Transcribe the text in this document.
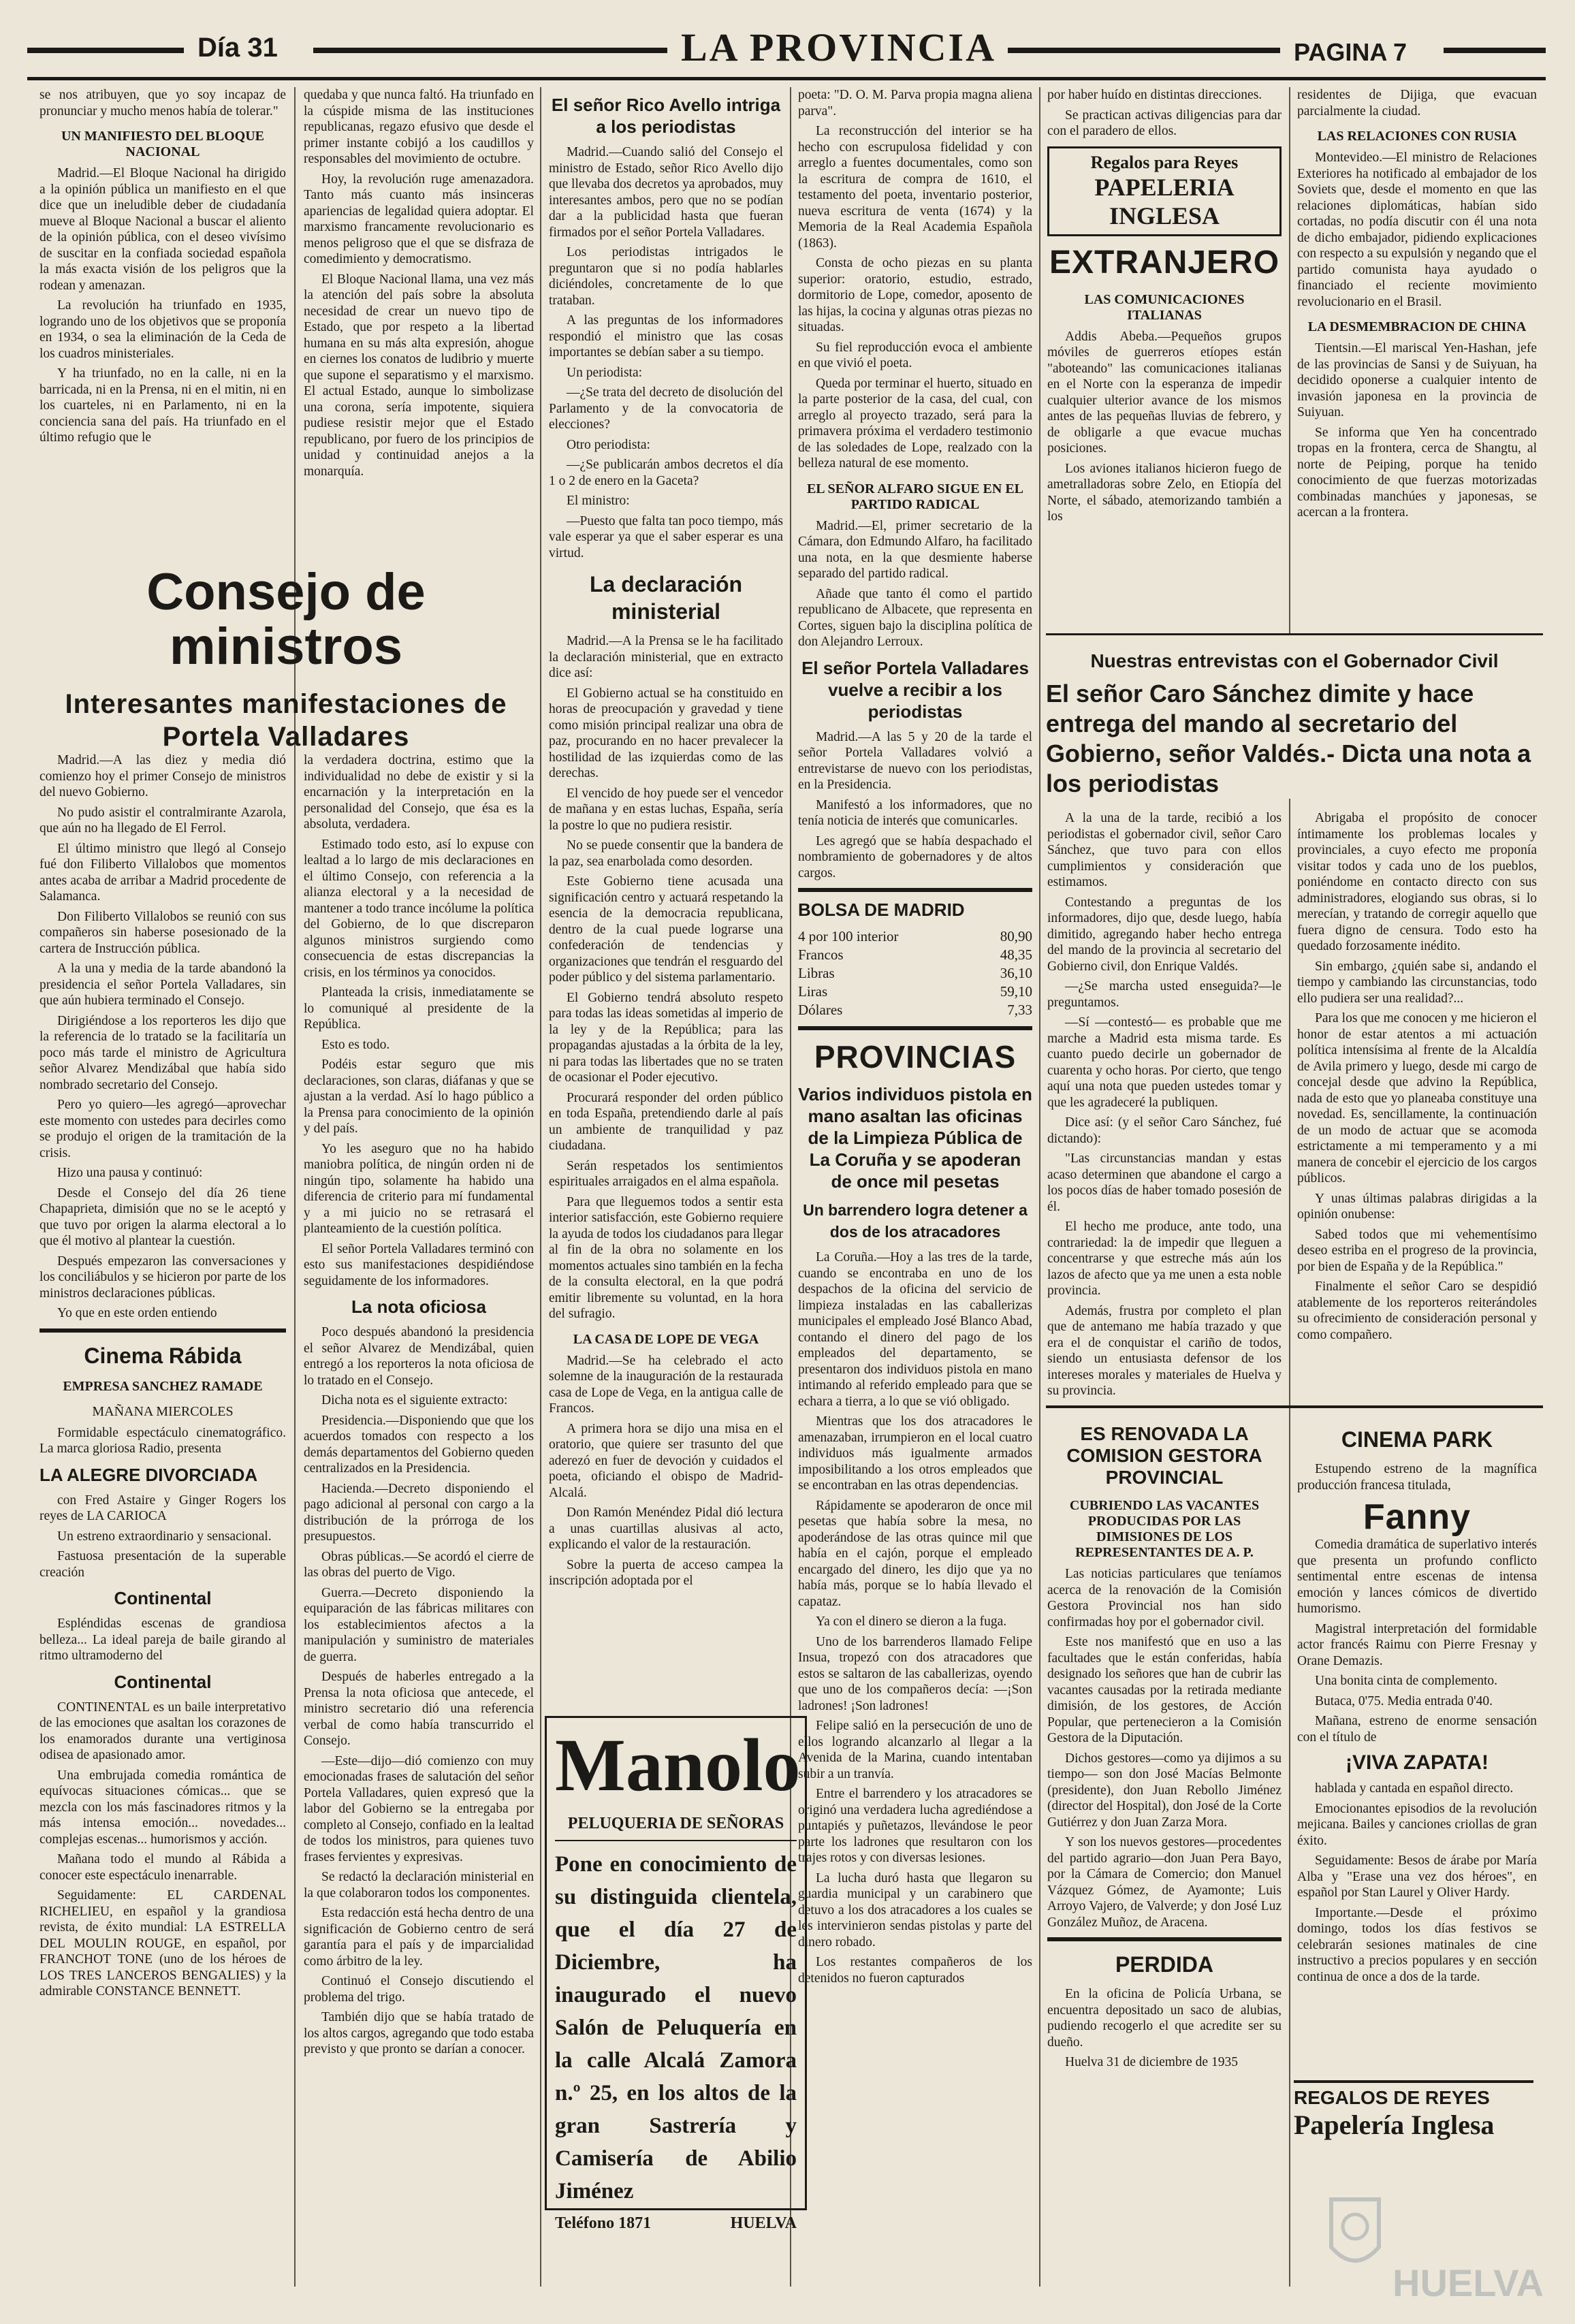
Día 31	LA PROVINCIA	PAGINA 7

se nos atribuyen, que yo soy incapaz de pronunciar y mucho menos había de tolerar."

UN MANIFIESTO DEL BLOQUE NACIONAL

Madrid.—El Bloque Nacional ha dirigido a la opinión pública un manifiesto en el que dice que un ineludible deber de ciudadanía mueve al Bloque Nacional a buscar el aliento de la opinión pública, con el deseo vivísimo de suscitar en la confiada sociedad española la más exacta visión de los peligros que la rodean y amenazan.

La revolución ha triunfado en 1935, logrando uno de los objetivos que se proponía en 1934, o sea la eliminación de la Ceda de los cuadros ministeriales.

Y ha triunfado, no en la calle, ni en la barricada, ni en la Prensa, ni en el mitin, ni en los cuarteles, ni en Parlamento, ni en la conciencia sana del país. Ha triunfado en el último refugio que le

Consejo de ministros
Interesantes manifestaciones de Portela Valladares

Madrid.—A las diez y media dió comienzo hoy el primer Consejo de ministros del nuevo Gobierno.

No pudo asistir el contralmirante Azarola, que aún no ha llegado de El Ferrol.

El último ministro que llegó al Consejo fué don Filiberto Villalobos que momentos antes acaba de arribar a Madrid procedente de Salamanca.

Don Filiberto Villalobos se reunió con sus compañeros sin haberse posesionado de la cartera de Instrucción pública.

A la una y media de la tarde abandonó la presidencia el señor Portela Valladares, sin que aún hubiera terminado el Consejo.

Dirigiéndose a los reporteros les dijo que la referencia de lo tratado se la facilitaría un poco más tarde el ministro de Agricultura señor Alvarez Mendizábal que había sido nombrado secretario del Consejo.

Pero yo quiero—les agregó—aprovechar este momento con ustedes para decirles como se produjo el origen de la tramitación de la crisis.

Hizo una pausa y continuó:

Desde el Consejo del día 26 tiene Chapaprieta, dimisión que no se le aceptó y que tuvo por origen la alarma electoral a lo que él motivo al plantear la cuestión.

Después empezaron las conversaciones y los conciliábulos y se hicieron por parte de los ministros declaraciones públicas.

Yo que en este orden entiendo

Cinema Rábida
EMPRESA SANCHEZ RAMADE
MAÑANA MIERCOLES

Formidable espectáculo cinematográfico. La marca gloriosa Radio, presenta

LA ALEGRE DIVORCIADA

con Fred Astaire y Ginger Rogers los reyes de LA CARIOCA

Un estreno extraordinario y sensacional.

Fastuosa presentación de la superable creación

Continental

Espléndidas escenas de grandiosa belleza... La ideal pareja de baile girando al ritmo ultramoderno del

Continental

CONTINENTAL es un baile interpretativo de las emociones que asaltan los corazones de los enamorados durante una vertiginosa odisea de apasionado amor.

Una embrujada comedia romántica de equívocas situaciones cómicas... que se mezcla con los más fascinadores ritmos y la más intensa emoción... novedades... complejas escenas... humorismos y acción.

Mañana todo el mundo al Rábida a conocer este espectáculo inenarrable.

Seguidamente: EL CARDENAL RICHELIEU, en español y la grandiosa revista, de éxito mundial: LA ESTRELLA DEL MOULIN ROUGE, en español, por FRANCHOT TONE (uno de los héroes de LOS TRES LANCEROS BENGALIES) y la admirable CONSTANCE BENNETT.

quedaba y que nunca faltó. Ha triunfado en la cúspide misma de las instituciones republicanas, regazo efusivo que desde el primer instante cobijó a los caudillos y responsables del movimiento de octubre.

Hoy, la revolución ruge amenazadora. Tanto más cuanto más insinceras apariencias de legalidad quiera adoptar. El marxismo francamente revolucionario es menos peligroso que el que se disfraza de comedimiento y democratismo.

El Bloque Nacional llama, una vez más la atención del país sobre la absoluta necesidad de crear un nuevo tipo de Estado, que por respeto a la libertad humana en su más alta expresión, ahogue en ciernes los conatos de ludibrio y muerte que supone el separatismo y el marxismo. El actual Estado, aunque lo simbolizase una corona, sería impotente, siquiera pudiese resistir mejor que el Estado republicano, por fuero de los principios de unidad y continuidad anejos a la monarquía.

la verdadera doctrina, estimo que la individualidad no debe de existir y si la encarnación y la interpretación en la personalidad del Consejo, que ésa es la absoluta, verdadera.

Estimado todo esto, así lo expuse con lealtad a lo largo de mis declaraciones en el último Consejo, con referencia a la alianza electoral y a la necesidad de mantener a todo trance incólume la política del Gobierno, de lo que discreparon algunos ministros surgiendo como consecuencia de estas discrepancias la crisis, en los términos ya conocidos.

Planteada la crisis, inmediatamente se lo comuniqué al presidente de la República.

Esto es todo.

Podéis estar seguro que mis declaraciones, son claras, diáfanas y que se ajustan a la verdad. Así lo hago público a la Prensa para conocimiento de la opinión y del país.

Yo les aseguro que no ha habido maniobra política, de ningún orden ni de ningún tipo, solamente ha habido una diferencia de criterio para mí fundamental y a mi juicio no se retrasará el planteamiento de la cuestión política.

El señor Portela Valladares terminó con esto sus manifestaciones despidiéndose seguidamente de los informadores.

La nota oficiosa

Poco después abandonó la presidencia el señor Alvarez de Mendizábal, quien entregó a los reporteros la nota oficiosa de lo tratado en el Consejo.

Dicha nota es el siguiente extracto:

Presidencia.—Disponiendo que que los acuerdos tomados con respecto a los demás departamentos del Gobierno queden centralizados en la Presidencia.

Hacienda.—Decreto disponiendo el pago adicional al personal con cargo a la distribución de la prórroga de los presupuestos.

Obras públicas.—Se acordó el cierre de las obras del puerto de Vigo.

Guerra.—Decreto disponiendo la equiparación de las fábricas militares con los establecimientos afectos a la manipulación y suministro de materiales de guerra.

Después de haberles entregado a la Prensa la nota oficiosa que antecede, el ministro secretario dió una referencia verbal de como había transcurrido el Consejo.

—Este—dijo—dió comienzo con muy emocionadas frases de salutación del señor Portela Valladares, quien expresó que la labor del Gobierno se la entregaba por completo al Consejo, confiado en la lealtad de todos los ministros, para quienes tuvo frases fervientes y expresivas.

Se redactó la declaración ministerial en la que colaboraron todos los componentes.

Esta redacción está hecha dentro de una significación de Gobierno centro de será garantía para el país y de imparcialidad como árbitro de la ley.

Continuó el Consejo discutiendo el problema del trigo.

También dijo que se había tratado de los altos cargos, agregando que todo estaba previsto y que pronto se darían a conocer.

El señor Rico Avello intriga a los periodistas

Madrid.—Cuando salió del Consejo el ministro de Estado, señor Rico Avello dijo que llevaba dos decretos ya aprobados, muy interesantes ambos, pero que no se podían dar a la publicidad hasta que fueran firmados por el señor Portela Valladares.

Los periodistas intrigados le preguntaron que si no podía hablarles diciéndoles, concretamente de lo que trataban.

A las preguntas de los informadores respondió el ministro que las cosas importantes se debían saber a su tiempo.

Un periodista:

—¿Se trata del decreto de disolución del Parlamento y de la convocatoria de elecciones?

Otro periodista:

—¿Se publicarán ambos decretos el día 1 o 2 de enero en la Gaceta?

El ministro:

—Puesto que falta tan poco tiempo, más vale esperar ya que el saber esperar es una virtud.

La declaración ministerial

Madrid.—A la Prensa se le ha facilitado la declaración ministerial, que en extracto dice así:

El Gobierno actual se ha constituido en horas de preocupación y gravedad y tiene como misión principal realizar una obra de paz, procurando en no hacer prevalecer la hostilidad de las izquierdas como de las derechas.

El vencido de hoy puede ser el vencedor de mañana y en estas luchas, España, sería la postre lo que no pudiera resistir.

No se puede consentir que la bandera de la paz, sea enarbolada como desorden.

Este Gobierno tiene acusada una significación centro y actuará respetando la esencia de la democracia republicana, dentro de la cual puede lograrse una confederación de tendencias y organizaciones que tendrán el resguardo del poder público y del sistema parlamentario.

El Gobierno tendrá absoluto respeto para todas las ideas sometidas al imperio de la ley y de la República; para las propagandas ajustadas a la órbita de la ley, ni para todas las libertades que no se traten de ocasionar el Poder ejecutivo.

Procurará responder del orden público en toda España, pretendiendo darle al país un ambiente de tranquilidad y paz ciudadana.

Serán respetados los sentimientos espirituales arraigados en el alma española.

Para que lleguemos todos a sentir esta interior satisfacción, este Gobierno requiere la ayuda de todos los ciudadanos para llegar al fin de la obra no solamente en los momentos actuales sino también en la fecha de la consulta electoral, en la que podrá emitir libremente su voluntad, en la hora del sufragio.

LA CASA DE LOPE DE VEGA

Madrid.—Se ha celebrado el acto solemne de la inauguración de la restaurada casa de Lope de Vega, en la antigua calle de Francos.

A primera hora se dijo una misa en el oratorio, que quiere ser trasunto del que aderezó en fuer de devoción y cuidados el poeta, oficiando el obispo de Madrid-Alcalá.

Don Ramón Menéndez Pidal dió lectura a unas cuartillas alusivas al acto, explicando el valor de la restauración.

Sobre la puerta de acceso campea la inscripción adoptada por el

Manolo
PELUQUERIA DE SEÑORAS
Pone en conocimiento de su distinguida clientela, que el día 27 de Diciembre, ha inaugurado el nuevo Salón de Peluquería en la calle Alcalá Zamora n.º 25, en los altos de la gran Sastrería y Camisería de Abilio Jiménez
Teléfono 1871	HUELVA

poeta: "D. O. M. Parva propia magna aliena parva".

La reconstrucción del interior se ha hecho con escrupulosa fidelidad y con arreglo a fuentes documentales, como son la escritura de compra de 1610, el testamento del poeta, inventario posterior, nueva escritura de venta (1674) y la Memoria de la Real Academia Española (1863).

Consta de ocho piezas en su planta superior: oratorio, estudio, estrado, dormitorio de Lope, comedor, aposento de las hijas, la cocina y algunas otras piezas no situadas.

Su fiel reproducción evoca el ambiente en que vivió el poeta.

Queda por terminar el huerto, situado en la parte posterior de la casa, del cual, con arreglo al proyecto trazado, será para la primavera próxima el verdadero testimonio de las soledades de Lope, realzado con la belleza natural de ese momento.

EL SEÑOR ALFARO SIGUE EN EL PARTIDO RADICAL

Madrid.—El, primer secretario de la Cámara, don Edmundo Alfaro, ha facilitado una nota, en la que desmiente haberse separado del partido radical.

Añade que tanto él como el partido republicano de Albacete, que representa en Cortes, siguen bajo la disciplina política de don Alejandro Lerroux.

El señor Portela Valladares vuelve a recibir a los periodistas

Madrid.—A las 5 y 20 de la tarde el señor Portela Valladares volvió a entrevistarse de nuevo con los periodistas, en la Presidencia.

Manifestó a los informadores, que no tenía noticia de interés que comunicarles.

Les agregó que se había despachado el nombramiento de gobernadores y de altos cargos.

BOLSA DE MADRID
4 por 100 interior	80,90
Francos	48,35
Libras	36,10
Liras	59,10
Dólares	7,33
PROVINCIAS
Varios individuos pistola en mano asaltan las oficinas de la Limpieza Pública de La Coruña y se apoderan de once mil pesetas
Un barrendero logra detener a dos de los atracadores

La Coruña.—Hoy a las tres de la tarde, cuando se encontraba en uno de los despachos de la oficina del servicio de limpieza instaladas en las caballerizas municipales el empleado José Blanco Abad, contando el dinero del pago de los empleados del departamento, se presentaron dos individuos pistola en mano intimando al referido empleado para que se echara a tierra, a lo que se vió obligado.

Mientras que los dos atracadores le amenazaban, irrumpieron en el local cuatro individuos más igualmente armados imposibilitando a los otros empleados que se encontraban en las otras dependencias.

Rápidamente se apoderaron de once mil pesetas que había sobre la mesa, no apoderándose de las otras quince mil que había en el cajón, porque el empleado encargado del dinero, les dijo que ya no había más, porque se lo había llevado el capataz.

Ya con el dinero se dieron a la fuga.

Uno de los barrenderos llamado Felipe Insua, tropezó con dos atracadores que estos se saltaron de las caballerizas, oyendo que uno de los compañeros decía: —¡Son ladrones! ¡Son ladrones!

Felipe salió en la persecución de uno de ellos logrando alcanzarlo al llegar a la Avenida de la Marina, cuando intentaban subir a un tranvía.

Entre el barrendero y los atracadores se originó una verdadera lucha agrediéndose a puntapiés y puñetazos, llevándose le peor parte los ladrones que resultaron con los trajes rotos y con diversas lesiones.

La lucha duró hasta que llegaron su guardia municipal y un carabinero que detuvo a los dos atracadores a los cuales se les intervinieron sendas pistolas y parte del dinero robado.

Los restantes compañeros de los detenidos no fueron capturados

por haber huído en distintas direcciones.

Se practican activas diligencias para dar con el paradero de ellos.

Regalos para Reyes
PAPELERIA INGLESA
EXTRANJERO
LAS COMUNICACIONES ITALIANAS

Addis Abeba.—Pequeños grupos móviles de guerreros etíopes están "aboteando" las comunicaciones italianas en el Norte con la esperanza de impedir cualquier ulterior avance de los mismos antes de las pequeñas lluvias de febrero, y de obligarle a que evacue muchas posiciones.

Los aviones italianos hicieron fuego de ametralladoras sobre Zelo, en Etiopía del Norte, el sábado, atemorizando también a los

residentes de Dijiga, que evacuan parcialmente la ciudad.

LAS RELACIONES CON RUSIA

Montevideo.—El ministro de Relaciones Exteriores ha notificado al embajador de los Soviets que, desde el momento en que las relaciones diplomáticas, habían sido cortadas, no podía discutir con él una nota de dicho embajador, pidiendo explicaciones con respecto a su expulsión y negando que el partido comunista haya ayudado o financiado el reciente movimiento revolucionario en el Brasil.

LA DESMEMBRACION DE CHINA

Tientsin.—El mariscal Yen-Hashan, jefe de las provincias de Sansi y de Suiyuan, ha decidido oponerse a cualquier intento de invasión japonesa en la provincia de Suiyuan.

Se informa que Yen ha concentrado tropas en la frontera, cerca de Shangtu, al norte de Peiping, porque ha tenido conocimiento de que fuerzas motorizadas combinadas manchúes y japonesas, se acercan a la frontera.

Nuestras entrevistas con el Gobernador Civil
El señor Caro Sánchez dimite y hace entrega del mando al secretario del Gobierno, señor Valdés.- Dicta una nota a los periodistas

A la una de la tarde, recibió a los periodistas el gobernador civil, señor Caro Sánchez, que tuvo para con ellos cumplimientos y consideración que estimamos.

Contestando a preguntas de los informadores, dijo que, desde luego, había dimitido, agregando haber hecho entrega del mando de la provincia al secretario del Gobierno civil, don Enrique Valdés.

—¿Se marcha usted enseguida?—le preguntamos.

—Sí —contestó— es probable que me marche a Madrid esta misma tarde. Es cuanto puedo decirle un gobernador de cuarenta y ocho horas. Por cierto, que tengo aquí una nota que pueden ustedes tomar y que les agradeceré la publiquen.

Dice así: (y el señor Caro Sánchez, fué dictando):

"Las circunstancias mandan y estas acaso determinen que abandone el cargo a los pocos días de haber tomado posesión de él.

El hecho me produce, ante todo, una contrariedad: la de impedir que lleguen a concentrarse y que estreche más aún los lazos de afecto que ya me unen a esta noble provincia.

Además, frustra por completo el plan que de antemano me había trazado y que era el de conquistar el cariño de todos, siendo un entusiasta defensor de los intereses morales y materiales de Huelva y su provincia.

Abrigaba el propósito de conocer íntimamente los problemas locales y provinciales, a cuyo efecto me proponía visitar todos y cada uno de los pueblos, poniéndome en contacto directo con sus administradores, elogiando sus obras, si lo merecían, y tratando de corregir aquello que fuera digno de censura. Todo esto ha quedado forzosamente inédito.

Sin embargo, ¿quién sabe si, andando el tiempo y cambiando las circunstancias, todo ello pudiera ser una realidad?...

Para los que me conocen y me hicieron el honor de estar atentos a mi actuación política intensísima al frente de la Alcaldía de Avila primero y luego, desde mi cargo de concejal desde que advino la República, nada de esto que yo planeaba constituye una novedad. Es, sencillamente, la continuación de un modo de actuar que se acomoda estrictamente a mi temperamento y a mi manera de concebir el ejercicio de los cargos públicos.

Y unas últimas palabras dirigidas a la opinión onubense:

Sabed todos que mi vehementísimo deseo estriba en el progreso de la provincia, por bien de España y de la República."

Finalmente el señor Caro se despidió atablemente de los reporteros reiterándoles su ofrecimiento de consideración personal y como compañero.

ES RENOVADA LA COMISION GESTORA PROVINCIAL
CUBRIENDO LAS VACANTES PRODUCIDAS POR LAS DIMISIONES DE LOS REPRESENTANTES DE A. P.

Las noticias particulares que teníamos acerca de la renovación de la Comisión Gestora Provincial nos han sido confirmadas hoy por el gobernador civil.

Este nos manifestó que en uso a las facultades que le están conferidas, había designado los señores que han de cubrir las vacantes causadas por la retirada mediante dimisión, de los gestores, de Acción Popular, que pertenecieron a la Comisión Gestora de la Diputación.

Dichos gestores—como ya dijimos a su tiempo— son don José Macías Belmonte (presidente), don Juan Rebollo Jiménez (director del Hospital), don José de la Corte Gutiérrez y don Juan Zarza Mora.

Y son los nuevos gestores—procedentes del partido agrario—don Juan Pera Bayo, por la Cámara de Comercio; don Manuel Vázquez Gómez, de Ayamonte; Luis Arroyo Vajero, de Valverde; y don José Luz González Muñoz, de Aracena.

PERDIDA

En la oficina de Policía Urbana, se encuentra depositado un saco de alubias, pudiendo recogerlo el que acredite ser su dueño.

Huelva 31 de diciembre de 1935

CINEMA PARK

Estupendo estreno de la magnífica producción francesa titulada,

Fanny

Comedia dramática de superlativo interés que presenta un profundo conflicto sentimental entre escenas de intensa emoción y lances cómicos de divertido humorismo.

Magistral interpretación del formidable actor francés Raimu con Pierre Fresnay y Orane Demazis.

Una bonita cinta de complemento.

Butaca, 0'75. Media entrada 0'40.

Mañana, estreno de enorme sensación con el título de

¡VIVA ZAPATA!

hablada y cantada en español directo.

Emocionantes episodios de la revolución mejicana. Bailes y canciones criollas de gran éxito.

Seguidamente: Besos de árabe por María Alba y "Erase una vez dos héroes", en español por Stan Laurel y Oliver Hardy.

Importante.—Desde el próximo domingo, todos los días festivos se celebrarán sesiones matinales de cine instructivo a precios populares y en sección continua de once a dos de la tarde.

REGALOS DE REYES
Papelería Inglesa
HUELVA
